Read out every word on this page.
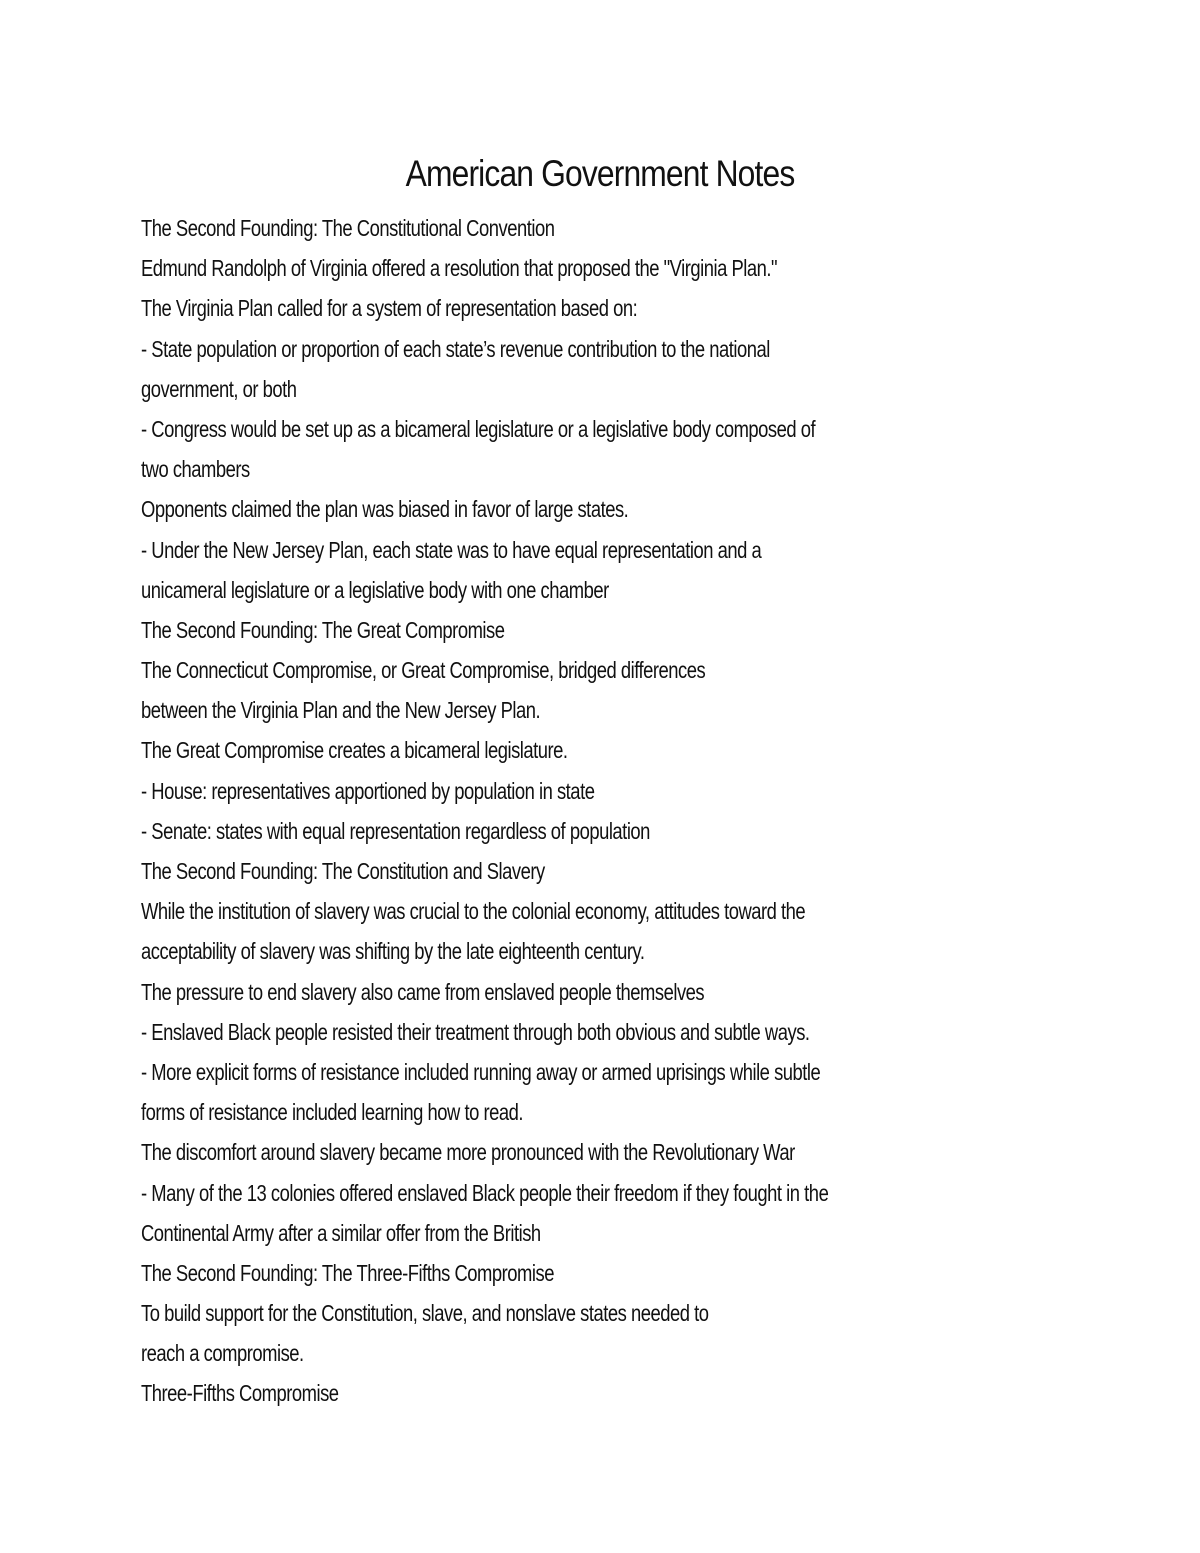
American Government Notes
The Second Founding: The Constitutional Convention
Edmund Randolph of Virginia offered a resolution that proposed the "Virginia Plan."
The Virginia Plan called for a system of representation based on:
- State population or proportion of each state’s revenue contribution to the national
government, or both
- Congress would be set up as a bicameral legislature or a legislative body composed of
two chambers
Opponents claimed the plan was biased in favor of large states.
- Under the New Jersey Plan, each state was to have equal representation and a
unicameral legislature or a legislative body with one chamber
The Second Founding: The Great Compromise
The Connecticut Compromise, or Great Compromise, bridged differences
between the Virginia Plan and the New Jersey Plan.
The Great Compromise creates a bicameral legislature.
- House: representatives apportioned by population in state
- Senate: states with equal representation regardless of population
The Second Founding: The Constitution and Slavery
While the institution of slavery was crucial to the colonial economy, attitudes toward the
acceptability of slavery was shifting by the late eighteenth century.
The pressure to end slavery also came from enslaved people themselves
- Enslaved Black people resisted their treatment through both obvious and subtle ways.
- More explicit forms of resistance included running away or armed uprisings while subtle
forms of resistance included learning how to read.
The discomfort around slavery became more pronounced with the Revolutionary War
- Many of the 13 colonies offered enslaved Black people their freedom if they fought in the
Continental Army after a similar offer from the British
The Second Founding: The Three-Fifths Compromise
To build support for the Constitution, slave, and nonslave states needed to
reach a compromise.
Three-Fifths Compromise
